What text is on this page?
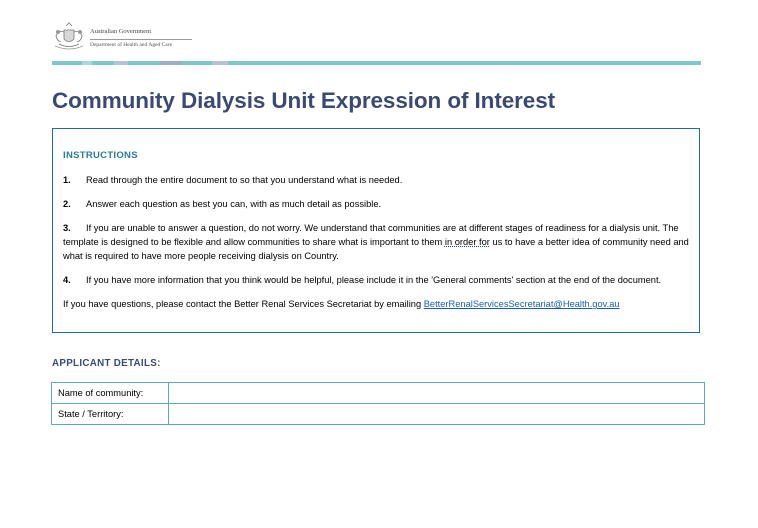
Australian Government
Department of Health and Aged Care
Community Dialysis Unit Expression of Interest

INSTRUCTIONS

1. Read through the entire document to so that you understand what is needed.

2. Answer each question as best you can, with as much detail as possible.

3. If you are unable to answer a question, do not worry. We understand that communities are at different stages of readiness for a dialysis unit. The template is designed to be flexible and allow communities to share what is important to them in order for us to have a better idea of community need and what is required to have more people receiving dialysis on Country.

4. If you have more information that you think would be helpful, please include it in the 'General comments' section at the end of the document.

If you have questions, please contact the Better Renal Services Secretariat by emailing BetterRenalServicesSecretariat@Health.gov.au

APPLICANT DETAILS:
Name of community:	
State / Territory:	
